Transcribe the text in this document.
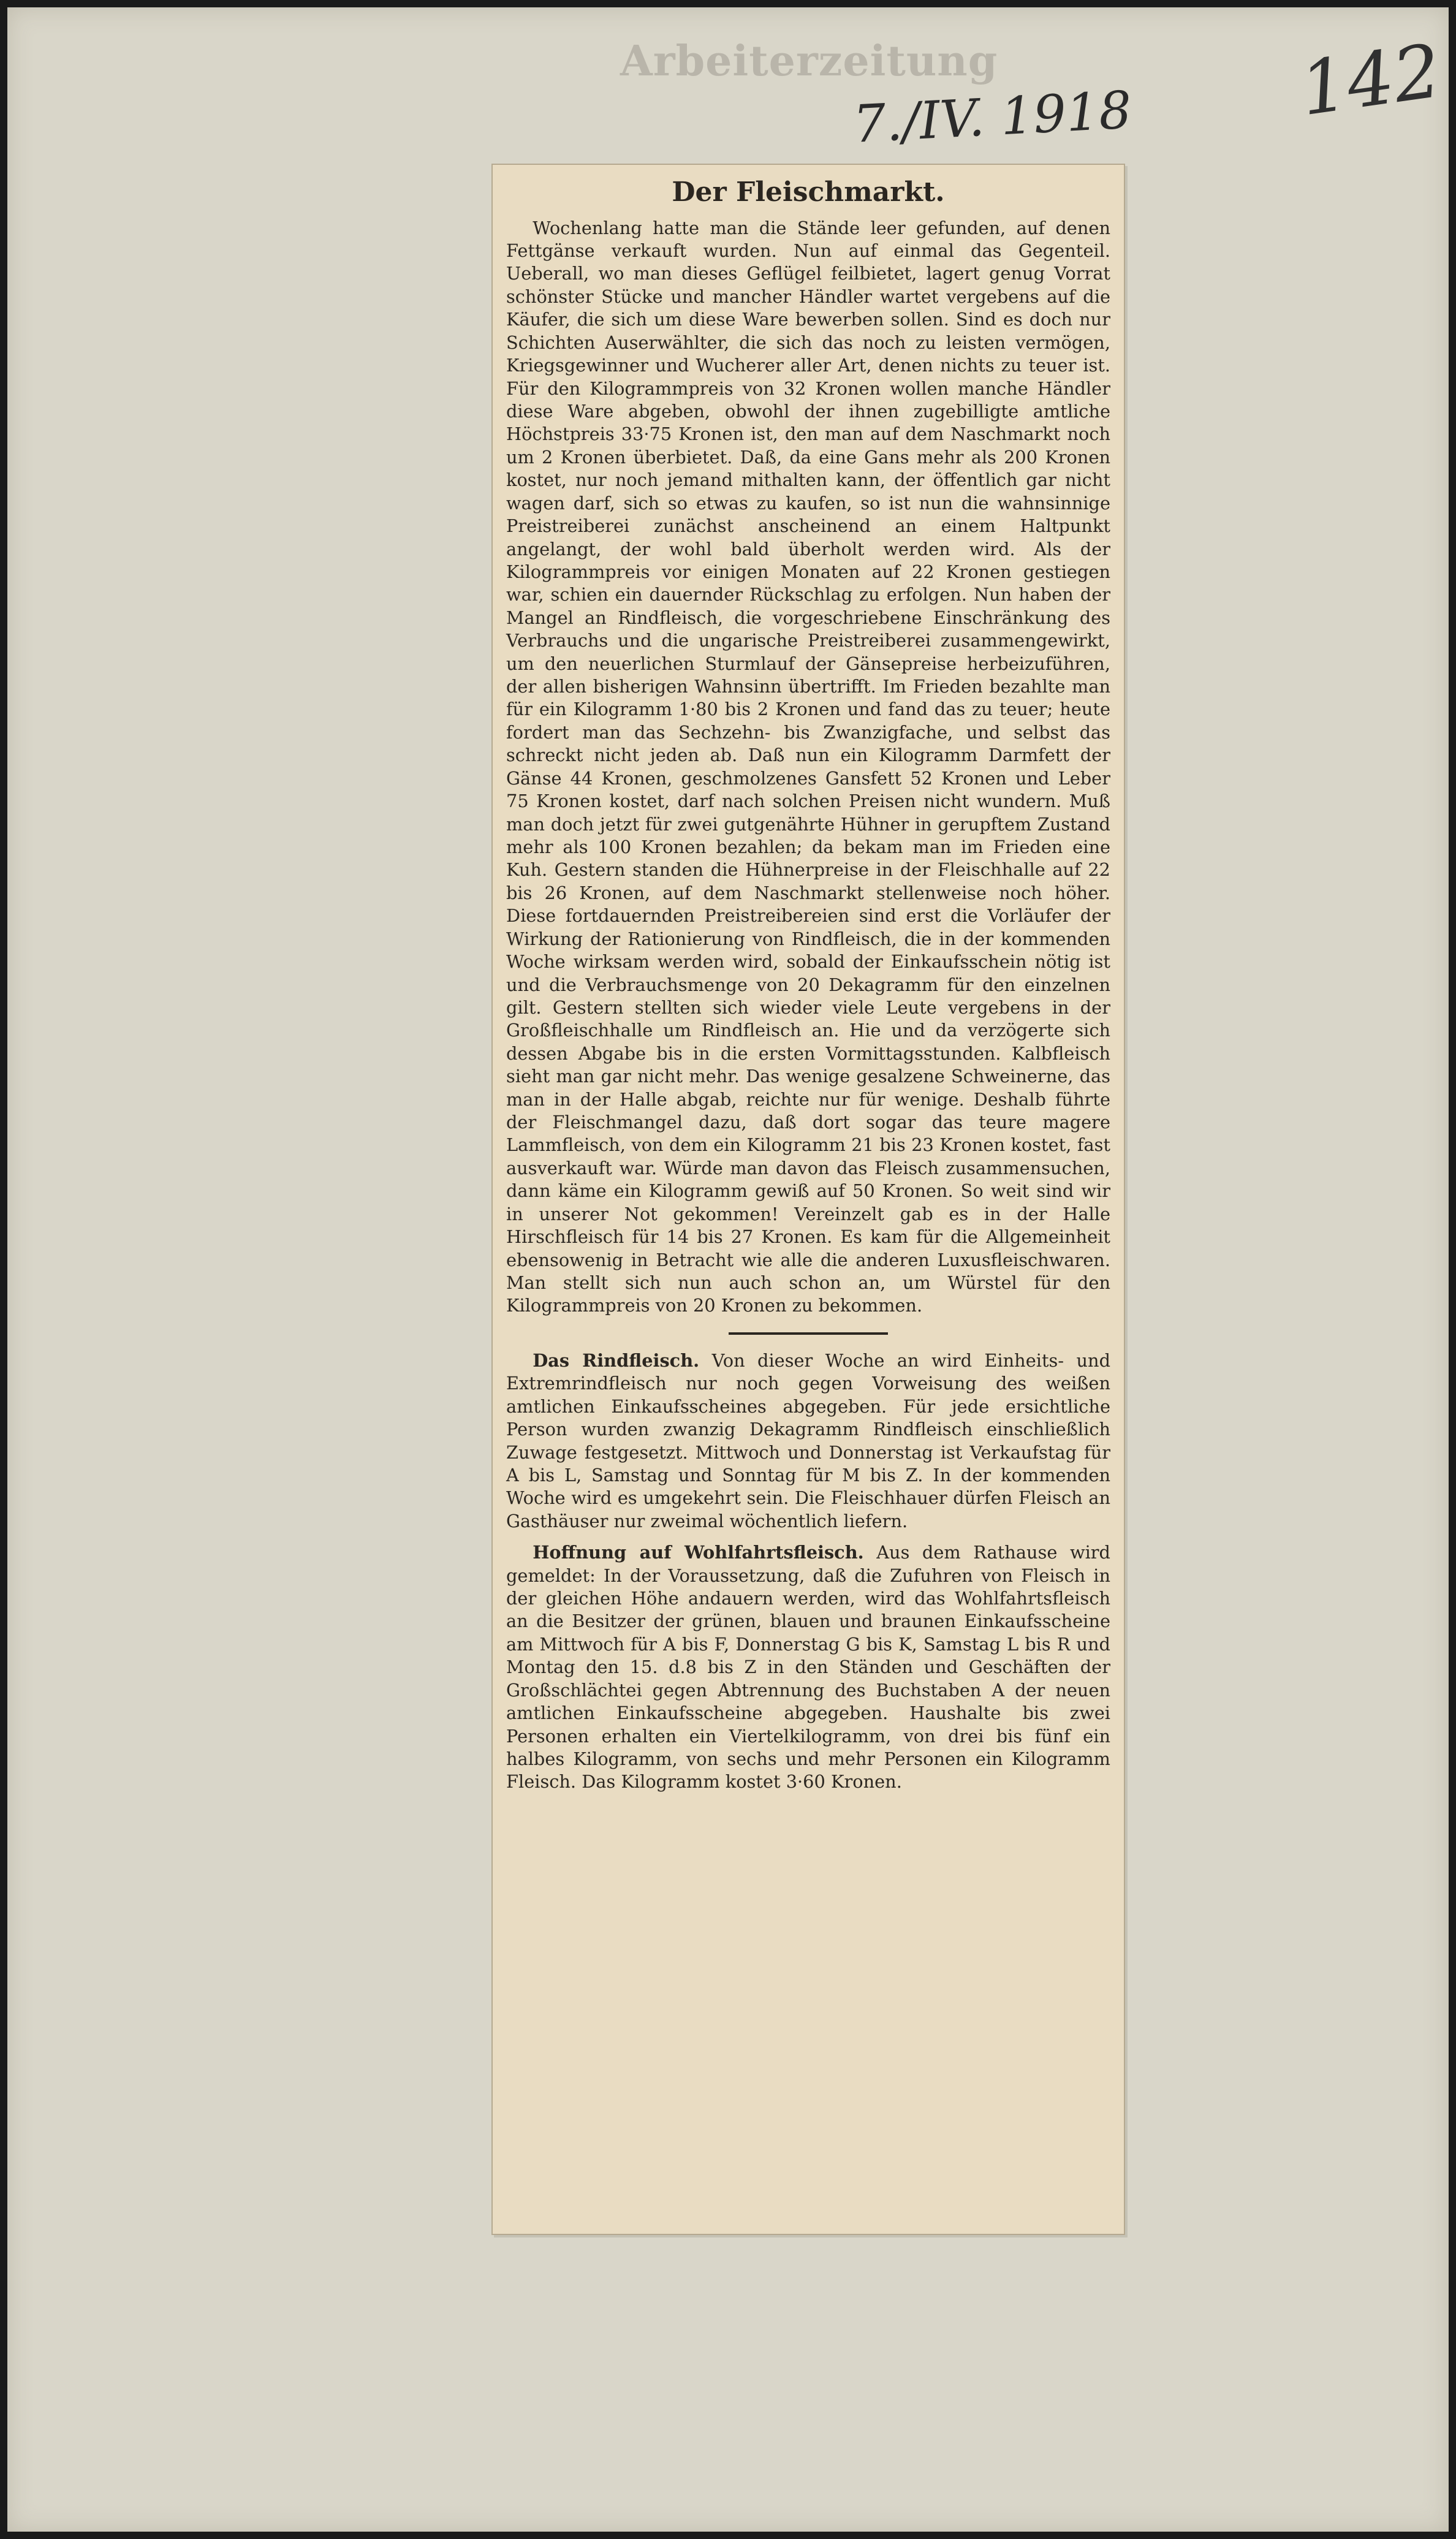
Arbeiterzeitung
7./IV. 1918 142
Der Fleischmarkt.

Wochenlang hatte man die Stände leer gefunden, auf denen Fettgänse verkauft wurden. Nun auf einmal das Gegenteil. Ueberall, wo man dieses Geflügel feilbietet, lagert genug Vorrat schönster Stücke und mancher Händler wartet vergebens auf die Käufer, die sich um diese Ware bewerben sollen. Sind es doch nur Schichten Auserwählter, die sich das noch zu leisten vermögen, Kriegsgewinner und Wucherer aller Art, denen nichts zu teuer ist. Für den Kilogrammpreis von 32 Kronen wollen manche Händler diese Ware abgeben, obwohl der ihnen zugebilligte amtliche Höchstpreis 33·75 Kronen ist, den man auf dem Naschmarkt noch um 2 Kronen überbietet. Daß, da eine Gans mehr als 200 Kronen kostet, nur noch jemand mithalten kann, der öffentlich gar nicht wagen darf, sich so etwas zu kaufen, so ist nun die wahnsinnige Preistreiberei zunächst anscheinend an einem Haltpunkt angelangt, der wohl bald überholt werden wird. Als der Kilogrammpreis vor einigen Monaten auf 22 Kronen gestiegen war, schien ein dauernder Rückschlag zu erfolgen. Nun haben der Mangel an Rindfleisch, die vorgeschriebene Einschränkung des Verbrauchs und die ungarische Preistreiberei zusammengewirkt, um den neuerlichen Sturmlauf der Gänsepreise herbeizuführen, der allen bisherigen Wahnsinn übertrifft. Im Frieden bezahlte man für ein Kilogramm 1·80 bis 2 Kronen und fand das zu teuer; heute fordert man das Sechzehn- bis Zwanzigfache, und selbst das schreckt nicht jeden ab. Daß nun ein Kilogramm Darmfett der Gänse 44 Kronen, geschmolzenes Gansfett 52 Kronen und Leber 75 Kronen kostet, darf nach solchen Preisen nicht wundern. Muß man doch jetzt für zwei gutgenährte Hühner in gerupftem Zustand mehr als 100 Kronen bezahlen; da bekam man im Frieden eine Kuh. Gestern standen die Hühnerpreise in der Fleischhalle auf 22 bis 26 Kronen, auf dem Naschmarkt stellenweise noch höher. Diese fortdauernden Preistreibereien sind erst die Vorläufer der Wirkung der Rationierung von Rindfleisch, die in der kommenden Woche wirksam werden wird, sobald der Einkaufsschein nötig ist und die Verbrauchsmenge von 20 Dekagramm für den einzelnen gilt. Gestern stellten sich wieder viele Leute vergebens in der Großfleischhalle um Rindfleisch an. Hie und da verzögerte sich dessen Abgabe bis in die ersten Vormittagsstunden. Kalbfleisch sieht man gar nicht mehr. Das wenige gesalzene Schweinerne, das man in der Halle abgab, reichte nur für wenige. Deshalb führte der Fleischmangel dazu, daß dort sogar das teure magere Lammfleisch, von dem ein Kilogramm 21 bis 23 Kronen kostet, fast ausverkauft war. Würde man davon das Fleisch zusammensuchen, dann käme ein Kilogramm gewiß auf 50 Kronen. So weit sind wir in unserer Not gekommen! Vereinzelt gab es in der Halle Hirschfleisch für 14 bis 27 Kronen. Es kam für die Allgemeinheit ebensowenig in Betracht wie alle die anderen Luxusfleischwaren. Man stellt sich nun auch schon an, um Würstel für den Kilogrammpreis von 20 Kronen zu bekommen.

Das Rindfleisch. Von dieser Woche an wird Einheits- und Extremrindfleisch nur noch gegen Vorweisung des weißen amtlichen Einkaufsscheines abgegeben. Für jede ersichtliche Person wurden zwanzig Dekagramm Rindfleisch einschließlich Zuwage festgesetzt. Mittwoch und Donnerstag ist Verkaufstag für A bis L, Samstag und Sonntag für M bis Z. In der kommenden Woche wird es umgekehrt sein. Die Fleischhauer dürfen Fleisch an Gasthäuser nur zweimal wöchentlich liefern.

Hoffnung auf Wohlfahrtsfleisch. Aus dem Rathause wird gemeldet: In der Voraussetzung, daß die Zufuhren von Fleisch in der gleichen Höhe andauern werden, wird das Wohlfahrtsfleisch an die Besitzer der grünen, blauen und braunen Einkaufsscheine am Mittwoch für A bis F, Donnerstag G bis K, Samstag L bis R und Montag den 15. d.8 bis Z in den Ständen und Geschäften der Großschlächtei gegen Abtrennung des Buchstaben A der neuen amtlichen Einkaufsscheine abgegeben. Haushalte bis zwei Personen erhalten ein Viertelkilogramm, von drei bis fünf ein halbes Kilogramm, von sechs und mehr Personen ein Kilogramm Fleisch. Das Kilogramm kostet 3·60 Kronen.
